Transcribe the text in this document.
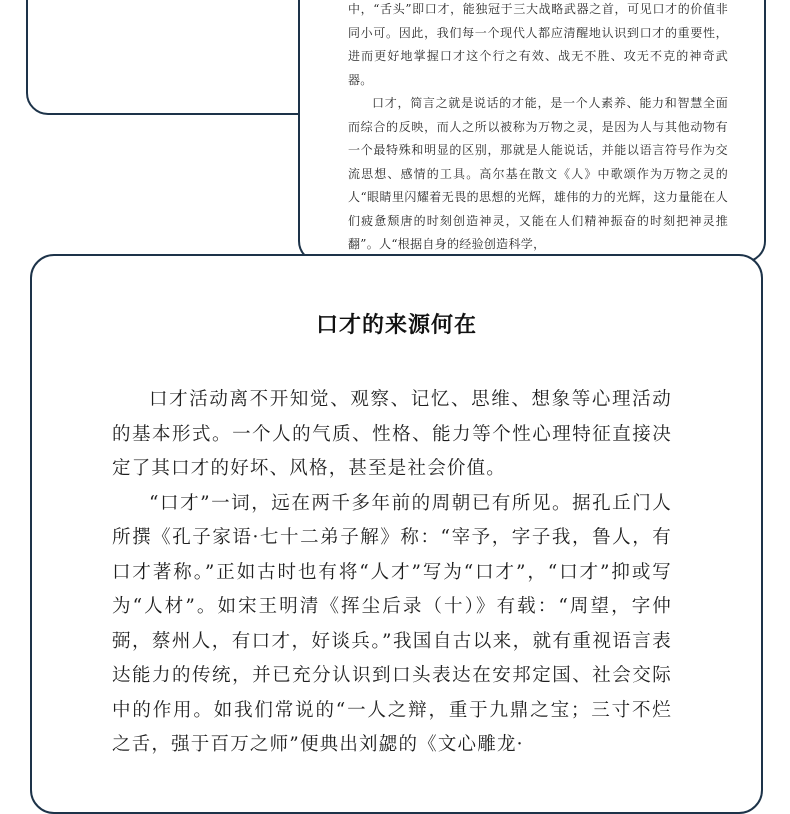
中，“舌头”即口才，能独冠于三大战略武器之首，可见口才的价值非同小可。因此，我们每一个现代人都应清醒地认识到口才的重要性，进而更好地掌握口才这个行之有效、战无不胜、攻无不克的神奇武器。

口才，简言之就是说话的才能，是一个人素养、能力和智慧全面而综合的反映，而人之所以被称为万物之灵，是因为人与其他动物有一个最特殊和明显的区别，那就是人能说话，并能以语言符号作为交流思想、感情的工具。高尔基在散文《人》中歌颂作为万物之灵的人“眼睛里闪耀着无畏的思想的光辉，雄伟的力的光辉，这力量能在人们疲惫颓唐的时刻创造神灵，又能在人们精神振奋的时刻把神灵推翻”。人“根据自身的经验创造科学，

口才的来源何在

口才活动离不开知觉、观察、记忆、思维、想象等心理活动的基本形式。一个人的气质、性格、能力等个性心理特征直接决定了其口才的好坏、风格，甚至是社会价值。

“口才”一词，远在两千多年前的周朝已有所见。据孔丘门人所撰《孔子家语·七十二弟子解》称：“宰予，字子我，鲁人，有口才著称。”正如古时也有将“人才”写为“口才”，“口才”抑或写为“人材”。如宋王明清《挥尘后录（十）》有载：“周望，字仲弼，蔡州人，有口才，好谈兵。”我国自古以来，就有重视语言表达能力的传统，并已充分认识到口头表达在安邦定国、社会交际中的作用。如我们常说的“一人之辩，重于九鼎之宝；三寸不烂之舌，强于百万之师”便典出刘勰的《文心雕龙·
